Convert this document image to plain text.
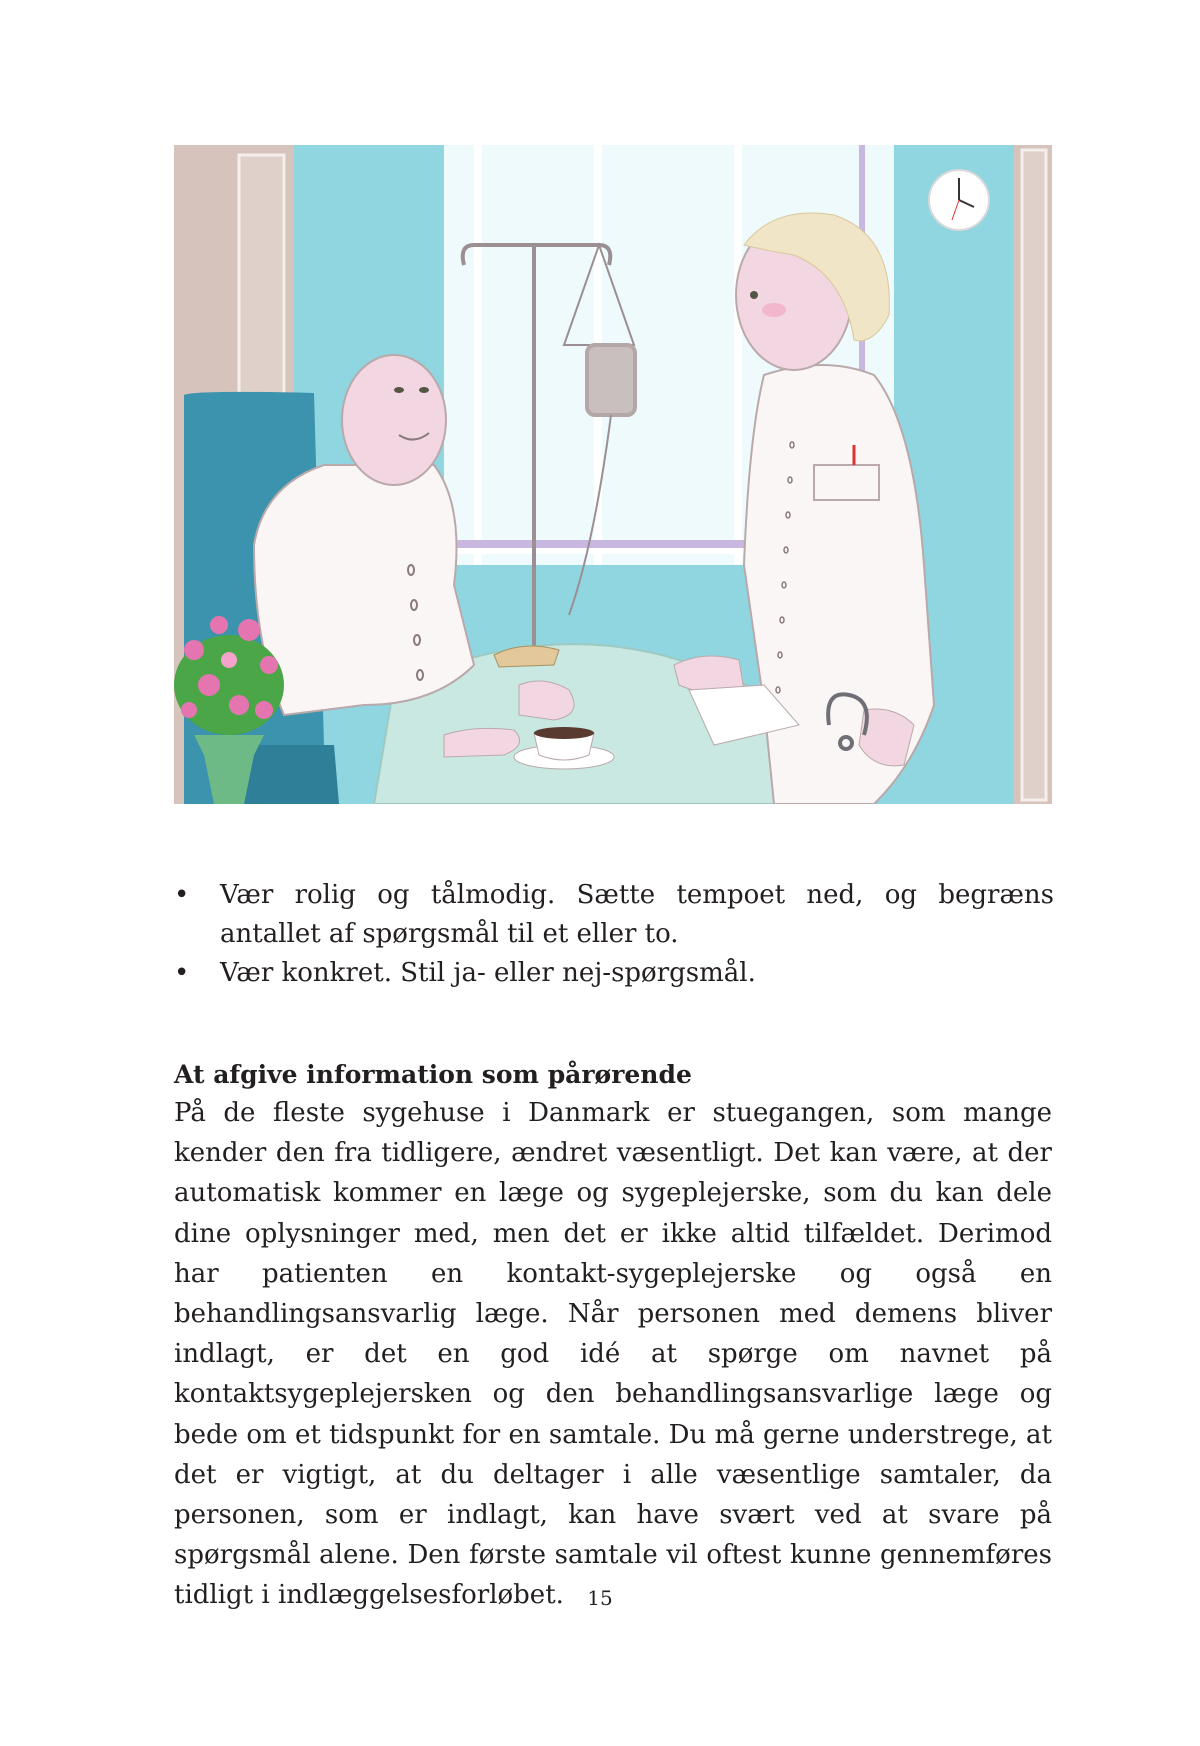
• Vær rolig og tålmodig. Sætte tempoet ned, og begræns antallet af spørgsmål til et eller to.
• Vær konkret. Stil ja- eller nej-spørgsmål.
At afgive information som pårørende

På de fleste sygehuse i Danmark er stuegangen, som mange kender den fra tidligere, ændret væsentligt. Det kan være, at der automatisk kommer en læge og sygeplejerske, som du kan dele dine oplysninger med, men det er ikke altid tilfældet. Derimod har patienten en kontakt-sygeplejerske og også en behandlingsansvarlig læge. Når personen med demens bliver indlagt, er det en god idé at spørge om navnet på kontaktsygeplejersken og den behandlingsansvarlige læge og bede om et tidspunkt for en samtale. Du må gerne understrege, at det er vigtigt, at du deltager i alle væsentlige samtaler, da personen, som er indlagt, kan have svært ved at svare på spørgsmål alene. Den første samtale vil oftest kunne gennemføres tidligt i indlæggelsesforløbet.	15
